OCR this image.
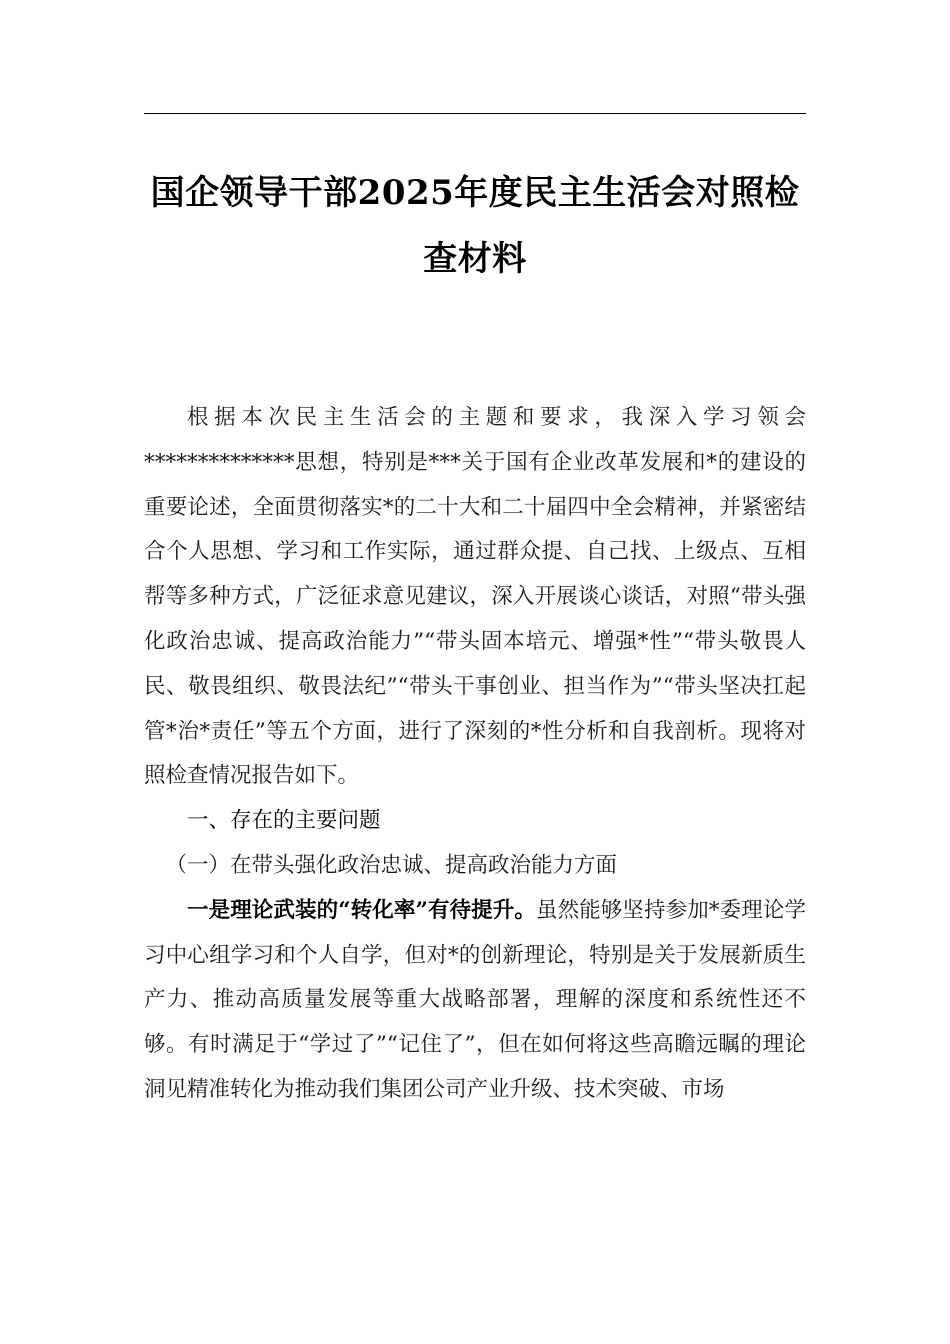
国企领导干部2025年度民主生活会对照检查材料

根据本次民主生活会的主题和要求，我深入学习领会**************思想，特别是***关于国有企业改革发展和*的建设的重要论述，全面贯彻落实*的二十大和二十届四中全会精神，并紧密结合个人思想、学习和工作实际，通过群众提、自己找、上级点、互相帮等多种方式，广泛征求意见建议，深入开展谈心谈话，对照“带头强化政治忠诚、提高政治能力”“带头固本培元、增强*性”“带头敬畏人民、敬畏组织、敬畏法纪”“带头干事创业、担当作为”“带头坚决扛起管*治*责任”等五个方面，进行了深刻的*性分析和自我剖析。现将对照检查情况报告如下。

一、存在的主要问题

（一）在带头强化政治忠诚、提高政治能力方面

一是理论武装的“转化率”有待提升。虽然能够坚持参加*委理论学习中心组学习和个人自学，但对*的创新理论，特别是关于发展新质生产力、推动高质量发展等重大战略部署，理解的深度和系统性还不够。有时满足于“学过了”“记住了”，但在如何将这些高瞻远瞩的理论洞见精准转化为推动我们集团公司产业升级、技术突破、市场
